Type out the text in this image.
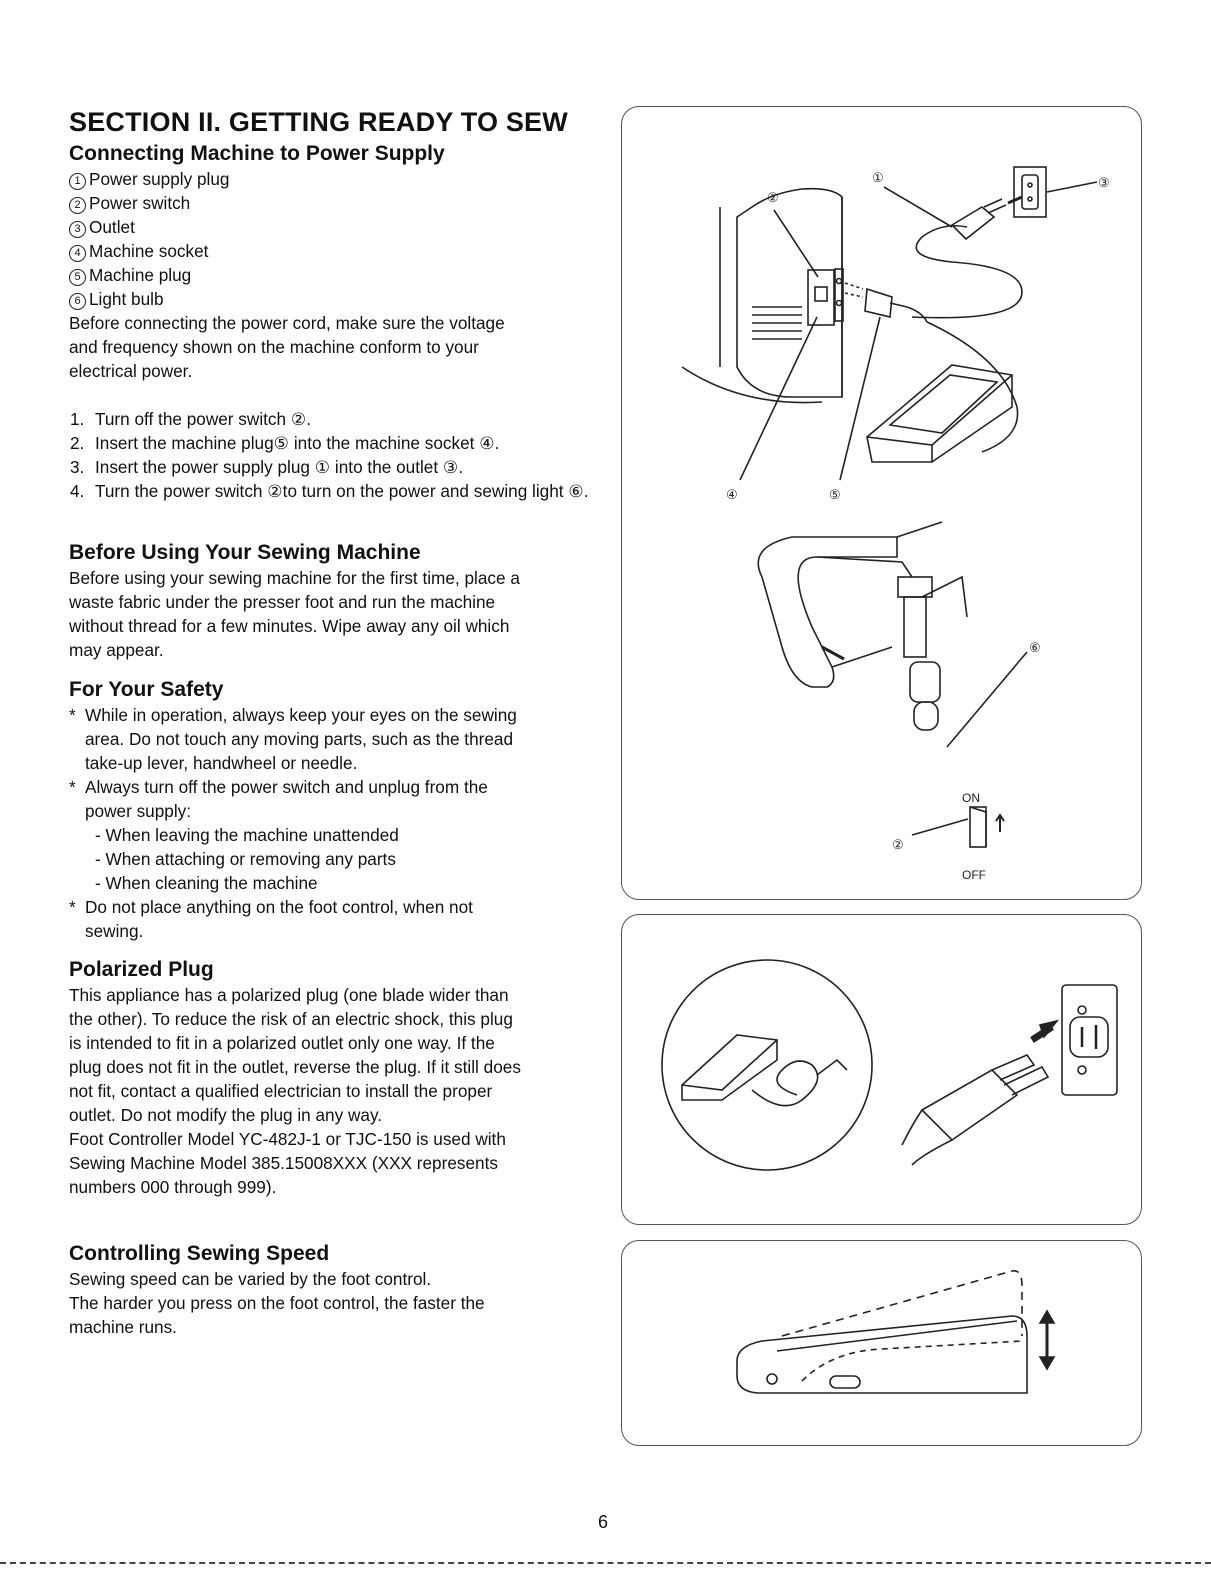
SECTION II. GETTING READY TO SEW
Connecting Machine to Power Supply
1 Power supply plug
2 Power switch
3 Outlet
4 Machine socket
5 Machine plug
6 Light bulb

Before connecting the power cord, make sure the voltage

and frequency shown on the machine conform to your

electrical power.

1. Turn off the power switch ②.
2. Insert the machine plug⑤ into the machine socket ④.
3. Insert the power supply plug ① into the outlet ③.
4. Turn the power switch ②to turn on the power and sewing light ⑥.
Before Using Your Sewing Machine

Before using your sewing machine for the first time, place a

waste fabric under the presser foot and run the machine

without thread for a few minutes. Wipe away any oil which

may appear.

For Your Safety
* While in operation, always keep your eyes on the sewing
area. Do not touch any moving parts, such as the thread
take-up lever, handwheel or needle.
* Always turn off the power switch and unplug from the
power supply:
- When leaving the machine unattended
- When attaching or removing any parts
- When cleaning the machine
* Do not place anything on the foot control, when not
sewing.
Polarized Plug

This appliance has a polarized plug (one blade wider than

the other). To reduce the risk of an electric shock, this plug

is intended to fit in a polarized outlet only one way. If the

plug does not fit in the outlet, reverse the plug. If it still does

not fit, contact a qualified electrician to install the proper

outlet. Do not modify the plug in any way.

Foot Controller Model YC-482J-1 or TJC-150 is used with

Sewing Machine Model 385.15008XXX (XXX represents

numbers 000 through 999).

Controlling Sewing Speed

Sewing speed can be varied by the foot control.

The harder you press on the foot control, the faster the

machine runs.

②
①	③
④	⑤
⑥
②
ON
OFF
6
